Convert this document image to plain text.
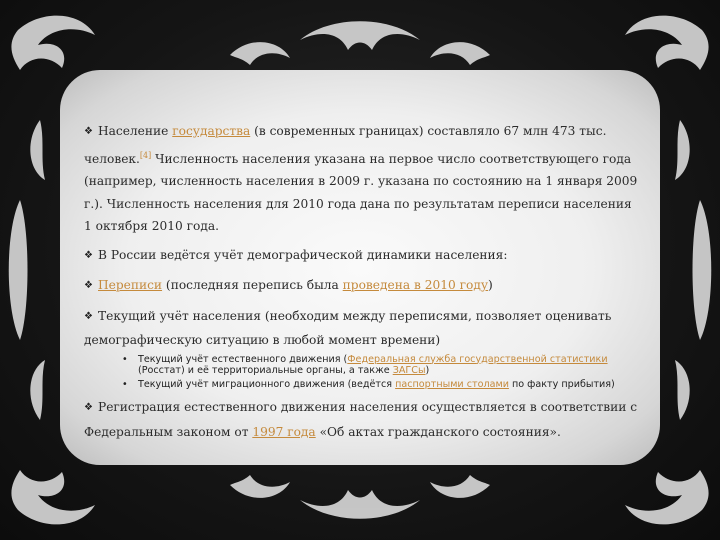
❖ Население государства (в современных границах) составляло 67 млн 473 тыс. человек.[4] Численность населения указана на первое число соответствующего года (например, численность населения в 2009 г. указана по состоянию на 1 января 2009 г.). Численность населения для 2010 года дана по результатам переписи населения 1 октября 2010 года.

❖ В России ведётся учёт демографической динамики населения:

❖ Переписи (последняя перепись была проведена в 2010 году)

❖ Текущий учёт населения (необходим между переписями, позволяет оценивать демографическую ситуацию в любой момент времени)

•	Текущий учёт естественного движения (Федеральная служба государственной статистики (Росстат) и её территориальные органы, а также ЗАГСы)
•	Текущий учёт миграционного движения (ведётся паспортными столами по факту прибытия)

❖ Регистрация естественного движения населения осуществляется в соответствии с Федеральным законом от 1997 года «Об актах гражданского состояния».
